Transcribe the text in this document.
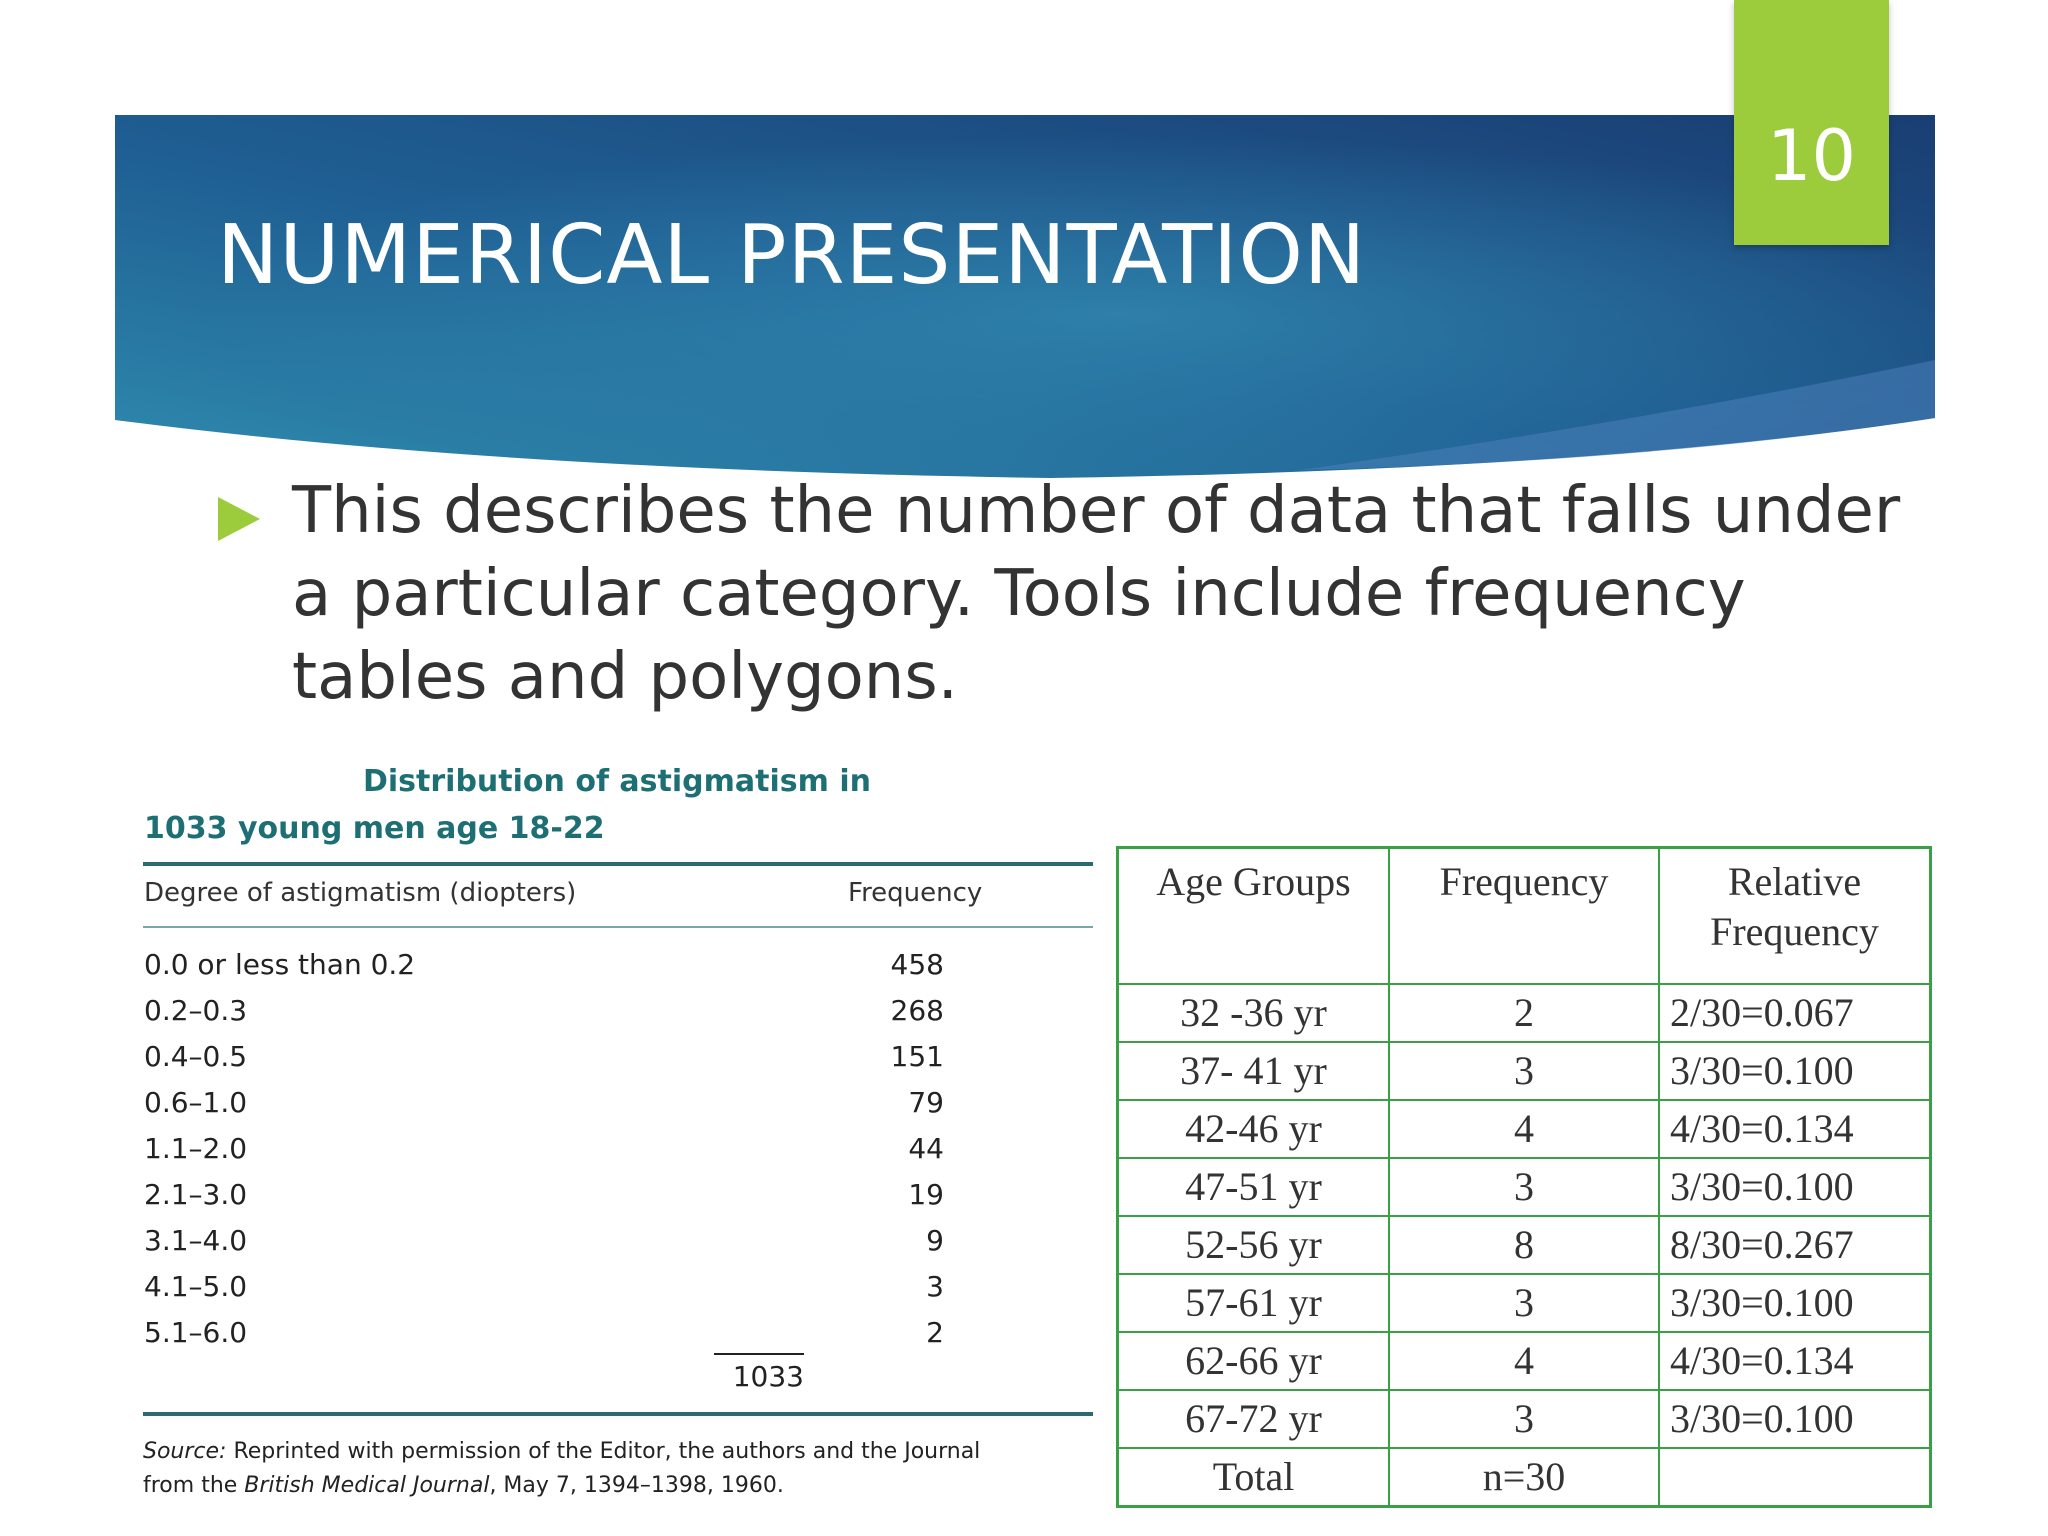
NUMERICAL PRESENTATION
10
This describes the number of data that falls under a particular category. Tools include frequency tables and polygons.
Distribution of astigmatism in
1033 young men age 18-22
Degree of astigmatism (diopters)	Frequency
0.0 or less than 0.2	458
0.2–0.3	268
0.4–0.5	151
0.6–1.0	79
1.1–2.0	44
2.1–3.0	19
3.1–4.0	9
4.1–5.0	3
5.1–6.0	2
1033
Source: Reprinted with permission of the Editor, the authors and the Journal
from the British Medical Journal, May 7, 1394–1398, 1960.
Age Groups	Frequency	Relative
Frequency
32 -36 yr	2	2/30=0.067
37- 41 yr	3	3/30=0.100
42-46 yr	4	4/30=0.134
47-51 yr	3	3/30=0.100
52-56 yr	8	8/30=0.267
57-61 yr	3	3/30=0.100
62-66 yr	4	4/30=0.134
67-72 yr	3	3/30=0.100
Total	n=30	
